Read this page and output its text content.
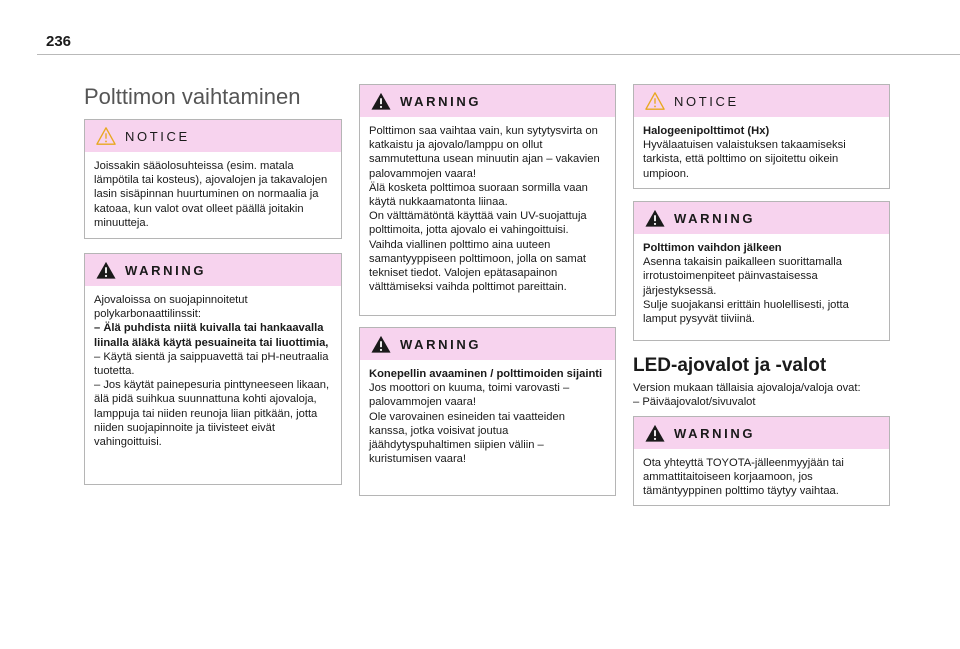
236
Polttimon vaihtaminen
NOTICE

Joissakin sääolosuhteissa (esim. matala lämpötila tai kosteus), ajovalojen ja takavalojen lasin sisäpinnan huurtuminen on normaalia ja katoaa, kun valot ovat olleet päällä joitakin minuutteja.

WARNING

Ajovaloissa on suojapinnoitetut polykarbonaattilinssit:

– Älä puhdista niitä kuivalla tai hankaavalla liinalla äläkä käytä pesuaineita tai liuottimia,

– Käytä sientä ja saippuavettä tai pH-neutraalia tuotetta.

– Jos käytät painepesuria pinttyneeseen likaan, älä pidä suihkua suunnattuna kohti ajovaloja, lamppuja tai niiden reunoja liian pitkään, jotta niiden suojapinnoite ja tiivisteet eivät vahingoittuisi.

WARNING

Polttimon saa vaihtaa vain, kun sytytysvirta on katkaistu ja ajovalo/lamppu on ollut sammutettuna usean minuutin ajan – vakavien palovammojen vaara!

Älä kosketa polttimoa suoraan sormilla vaan käytä nukkaamatonta liinaa.

On välttämätöntä käyttää vain UV-suojattuja polttimoita, jotta ajovalo ei vahingoittuisi.

Vaihda viallinen polttimo aina uuteen samantyyppiseen polttimoon, jolla on samat tekniset tiedot. Valojen epätasapainon välttämiseksi vaihda polttimot pareittain.

WARNING

Konepellin avaaminen / polttimoiden sijainti

Jos moottori on kuuma, toimi varovasti – palovammojen vaara!

Ole varovainen esineiden tai vaatteiden kanssa, jotka voisivat joutua jäähdytyspuhaltimen siipien väliin – kuristumisen vaara!

NOTICE

Halogeenipolttimot (Hx)

Hyvälaatuisen valaistuksen takaamiseksi tarkista, että polttimo on sijoitettu oikein umpioon.

WARNING

Polttimon vaihdon jälkeen

Asenna takaisin paikalleen suorittamalla irrotustoimenpiteet päinvastaisessa järjestyksessä.

Sulje suojakansi erittäin huolellisesti, jotta lamput pysyvät tiiviinä.

LED-ajovalot ja -valot

Version mukaan tällaisia ajovaloja/valoja ovat:

– Päiväajovalot/sivuvalot

WARNING

Ota yhteyttä TOYOTA-jälleenmyyjään tai ammattitaitoiseen korjaamoon, jos tämäntyyppinen polttimo täytyy vaihtaa.
